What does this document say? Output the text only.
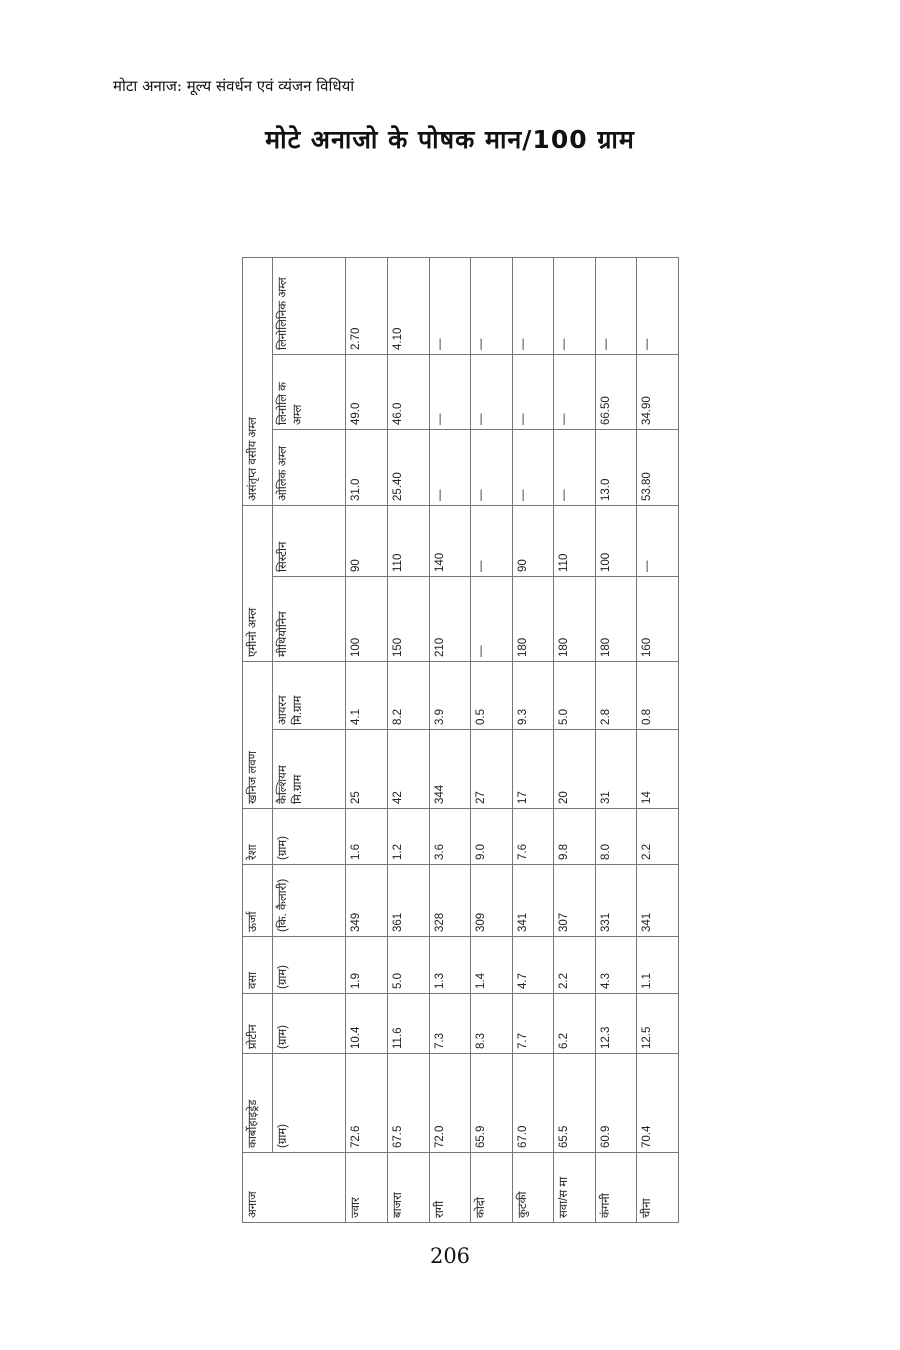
मोटा अनाज: मूल्य संवर्धन एवं व्यंजन विधियां
मोटे अनाजो के पोषक मान/100 ग्राम
अनाज	कार्बोहाइड्रेड	प्रोटीन	वसा	ऊर्जा	रेशा	खनिज लवण		एमीनो अम्ल		असंतृप्त वसीय अम्ल		
	(ग्राम)	(ग्राम)	(ग्राम)	(कि. कैलारी)	(ग्राम)	कैल्शियम मि.ग्राम	आयरन मि.ग्राम	मीथियोनिन	सिस्टीन	ओलिक अम्ल	लिनोलि क अम्ल	लिनोलिनिक अम्ल
ज्वार	72.6	10.4	1.9	349	1.6	25	4.1	100	90	31.0	49.0	2.70
बाजरा	67.5	11.6	5.0	361	1.2	42	8.2	150	110	25.40	46.0	4.10
रागी	72.0	7.3	1.3	328	3.6	344	3.9	210	140	—	—	—
कोदो	65.9	8.3	1.4	309	9.0	27	0.5	—	—	—	—	—
कुटकी	67.0	7.7	4.7	341	7.6	17	9.3	180	90	—	—	—
सवा/स मा	65.5	6.2	2.2	307	9.8	20	5.0	180	110	—	—	—
कंगनी	60.9	12.3	4.3	331	8.0	31	2.8	180	100	13.0	66.50	—
चीना	70.4	12.5	1.1	341	2.2	14	0.8	160	—	53.80	34.90	—
206
